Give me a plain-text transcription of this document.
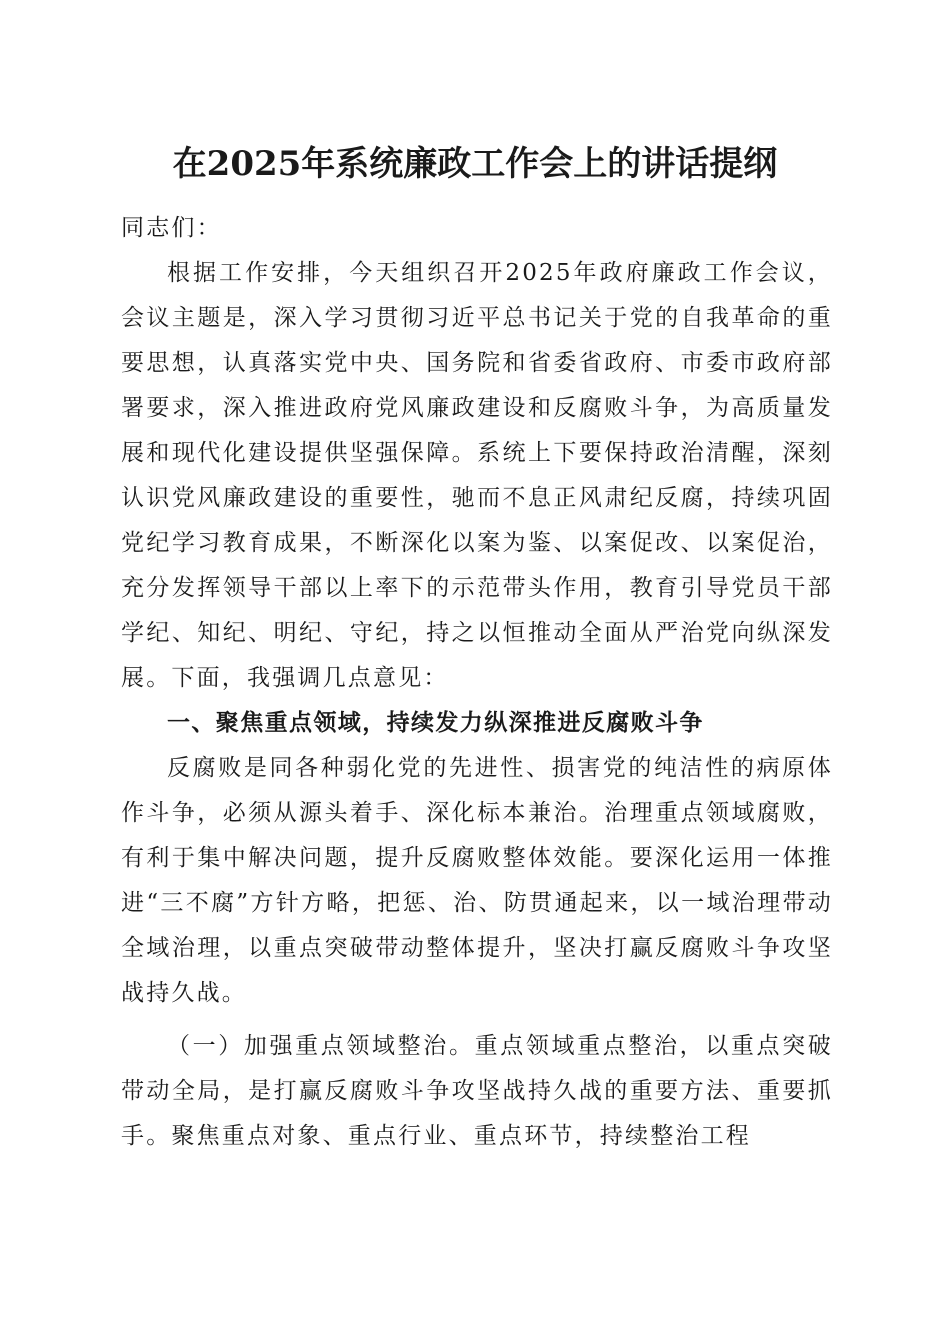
在2025年系统廉政工作会上的讲话提纲

同志们：

根据工作安排，今天组织召开2025年政府廉政工作会议，会议主题是，深入学习贯彻习近平总书记关于党的自我革命的重要思想，认真落实党中央、国务院和省委省政府、市委市政府部署要求，深入推进政府党风廉政建设和反腐败斗争，为高质量发展和现代化建设提供坚强保障。系统上下要保持政治清醒，深刻认识党风廉政建设的重要性，驰而不息正风肃纪反腐，持续巩固党纪学习教育成果，不断深化以案为鉴、以案促改、以案促治，充分发挥领导干部以上率下的示范带头作用，教育引导党员干部学纪、知纪、明纪、守纪，持之以恒推动全面从严治党向纵深发展。下面，我强调几点意见：

一、聚焦重点领域，持续发力纵深推进反腐败斗争

反腐败是同各种弱化党的先进性、损害党的纯洁性的病原体作斗争，必须从源头着手、深化标本兼治。治理重点领域腐败，有利于集中解决问题，提升反腐败整体效能。要深化运用一体推进“三不腐”方针方略，把惩、治、防贯通起来，以一域治理带动全域治理，以重点突破带动整体提升，坚决打赢反腐败斗争攻坚战持久战。

（一）加强重点领域整治。重点领域重点整治，以重点突破带动全局，是打赢反腐败斗争攻坚战持久战的重要方法、重要抓手。聚焦重点对象、重点行业、重点环节，持续整治工程
